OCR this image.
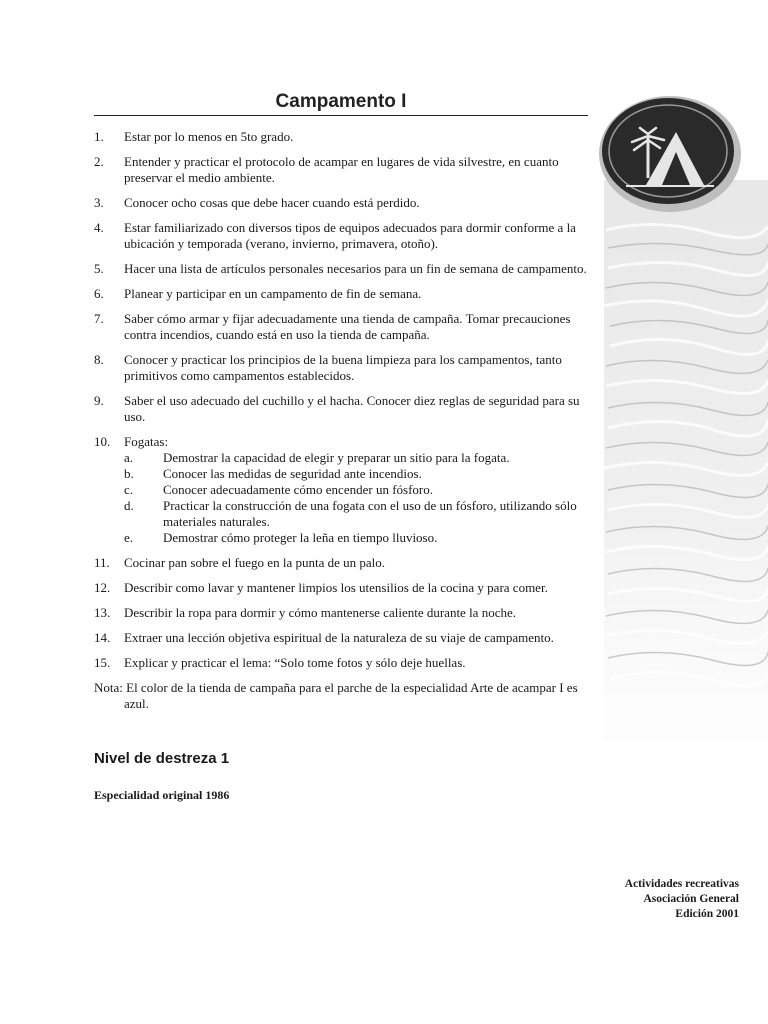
Campamento I
1.	Estar por lo menos en 5to grado.
2.	Entender y practicar el protocolo de acampar en lugares de vida silvestre, en cuanto preservar el medio ambiente.
3.	Conocer ocho cosas que debe hacer cuando está perdido.
4.	Estar familiarizado con diversos tipos de equipos adecuados para dormir conforme a la ubicación y temporada (verano, invierno, primavera, otoño).
5.	Hacer una lista de artículos personales necesarios para un fin de semana de campamento.
6.	Planear y participar en un campamento de fin de semana.
7.	Saber cómo armar y fijar adecuadamente una tienda de campaña. Tomar precauciones contra incendios, cuando está en uso la tienda de campaña.
8.	Conocer y practicar los principios de la buena limpieza para los campamentos, tanto primitivos como campamentos establecidos.
9.	Saber el uso adecuado del cuchillo y el hacha. Conocer diez reglas de seguridad para su uso.
10.	Fogatas:
a.	Demostrar la capacidad de elegir y preparar un sitio para la fogata.
b.	Conocer las medidas de seguridad ante incendios.
c.	Conocer adecuadamente cómo encender un fósforo.
d.	Practicar la construcción de una fogata con el uso de un fósforo, utilizando sólo materiales naturales.
e.	Demostrar cómo proteger la leña en tiempo lluvioso.
11.	Cocinar pan sobre el fuego en la punta de un palo.
12.	Describir como lavar y mantener limpios los utensilios de la cocina y para comer.
13.	Describir la ropa para dormir y cómo mantenerse caliente durante la noche.
14.	Extraer una lección objetiva espiritual de la naturaleza de su viaje de campamento.
15.	Explicar y practicar el lema: “Solo tome fotos y sólo deje huellas.
Nota: El color de la tienda de campaña para el parche de la especialidad Arte de acampar I es azul.
Nivel de destreza 1
Especialidad original 1986
Actividades recreativas
Asociación General
Edición 2001
